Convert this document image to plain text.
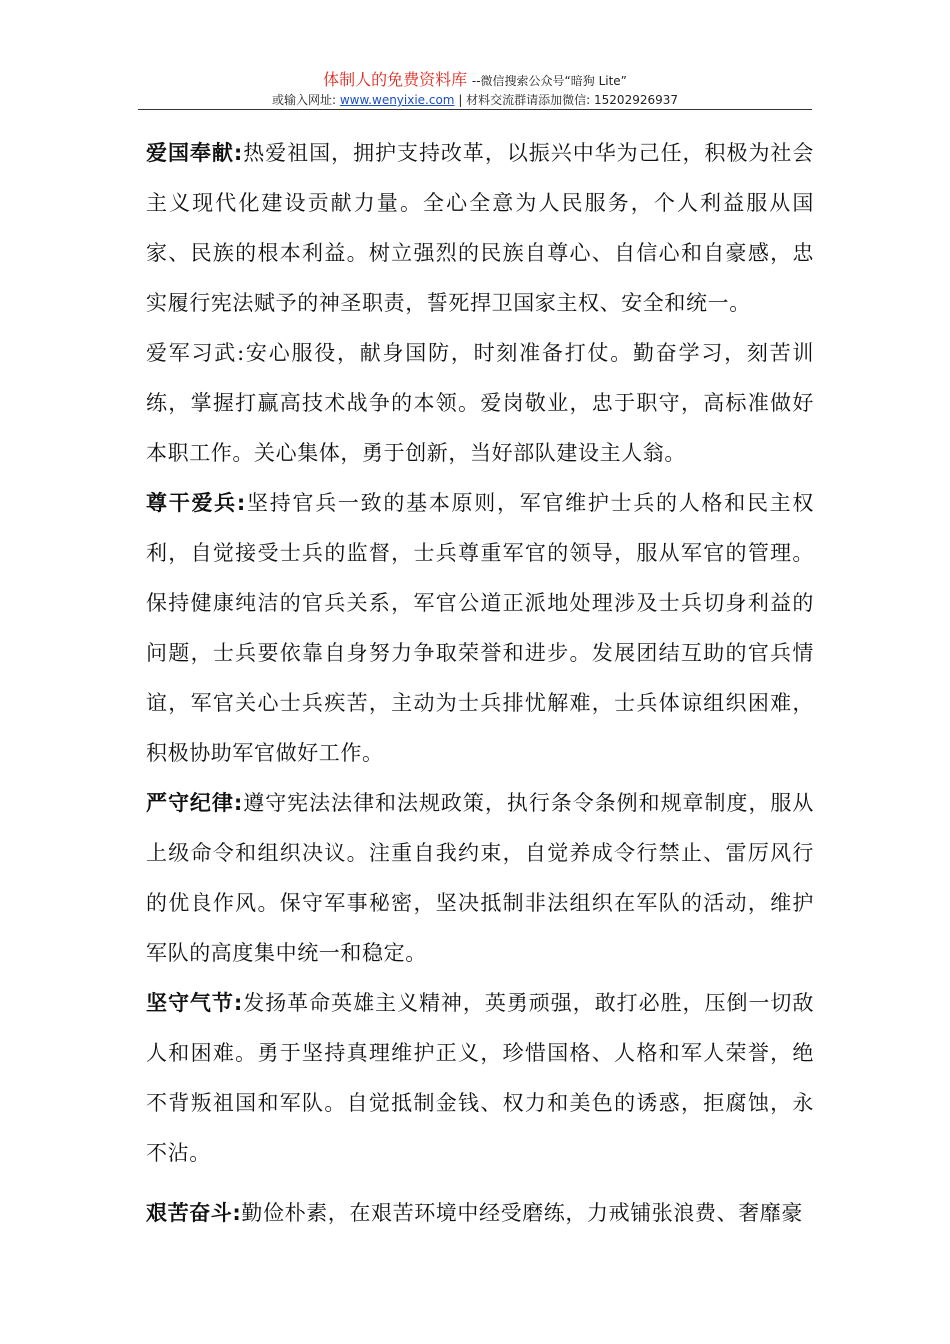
体制人的免费资料库 --微信搜索公众号“暗狗 Lite”
或输入网址: www.wenyixie.com | 材料交流群请添加微信: 15202926937

爱国奉献:热爱祖国，拥护支持改革，以振兴中华为己任，积极为社会主义现代化建设贡献力量。全心全意为人民服务，个人利益服从国家、民族的根本利益。树立强烈的民族自尊心、自信心和自豪感，忠实履行宪法赋予的神圣职责，誓死捍卫国家主权、安全和统一。

爱军习武:安心服役，献身国防，时刻准备打仗。勤奋学习，刻苦训练，掌握打赢高技术战争的本领。爱岗敬业，忠于职守，高标准做好本职工作。关心集体，勇于创新，当好部队建设主人翁。

尊干爱兵:坚持官兵一致的基本原则，军官维护士兵的人格和民主权利，自觉接受士兵的监督，士兵尊重军官的领导，服从军官的管理。保持健康纯洁的官兵关系，军官公道正派地处理涉及士兵切身利益的问题，士兵要依靠自身努力争取荣誉和进步。发展团结互助的官兵情谊，军官关心士兵疾苦，主动为士兵排忧解难，士兵体谅组织困难，积极协助军官做好工作。

严守纪律:遵守宪法法律和法规政策，执行条令条例和规章制度，服从上级命令和组织决议。注重自我约束，自觉养成令行禁止、雷厉风行的优良作风。保守军事秘密，坚决抵制非法组织在军队的活动，维护军队的高度集中统一和稳定。

坚守气节:发扬革命英雄主义精神，英勇顽强，敢打必胜，压倒一切敌人和困难。勇于坚持真理维护正义，珍惜国格、人格和军人荣誉，绝不背叛祖国和军队。自觉抵制金钱、权力和美色的诱惑，拒腐蚀，永不沾。

艰苦奋斗:勤俭朴素，在艰苦环境中经受磨练，力戒铺张浪费、奢靡豪
